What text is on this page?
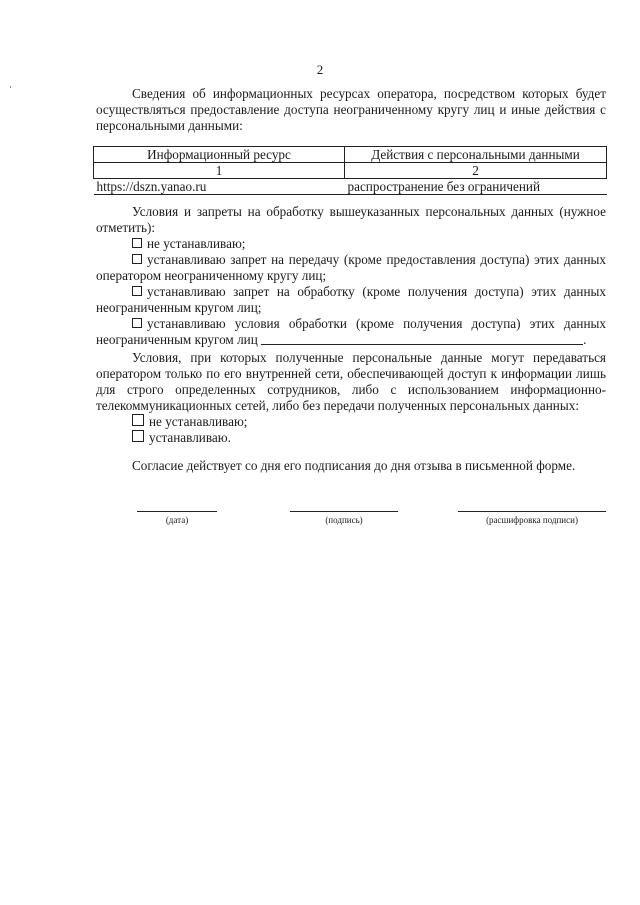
2

Сведения об информационных ресурсах оператора, посредством которых будет осуществляться предоставление доступа неограниченному кругу лиц и иные действия с персональными данными:

Информационный ресурс	Действия с персональными данными
1	2
https://dszn.yanao.ru	распространение без ограничений

Условия и запреты на обработку вышеуказанных персональных данных (нужное отметить):

не устанавливаю;

устанавливаю запрет на передачу (кроме предоставления доступа) этих данных оператором неограниченному кругу лиц;

устанавливаю запрет на обработку (кроме получения доступа) этих данных неограниченным кругом лиц;

устанавливаю условия обработки (кроме получения доступа) этих данных неограниченным кругом лиц	.

Условия, при которых полученные персональные данные могут передаваться оператором только по его внутренней сети, обеспечивающей доступ к информации лишь для строго определенных сотрудников, либо с использованием информационно-телекоммуникационных сетей, либо без передачи полученных персональных данных:

не устанавливаю;

устанавливаю.

Согласие действует со дня его подписания до дня отзыва в письменной форме.

(дата)	(подпись)	(расшифровка подписи)
